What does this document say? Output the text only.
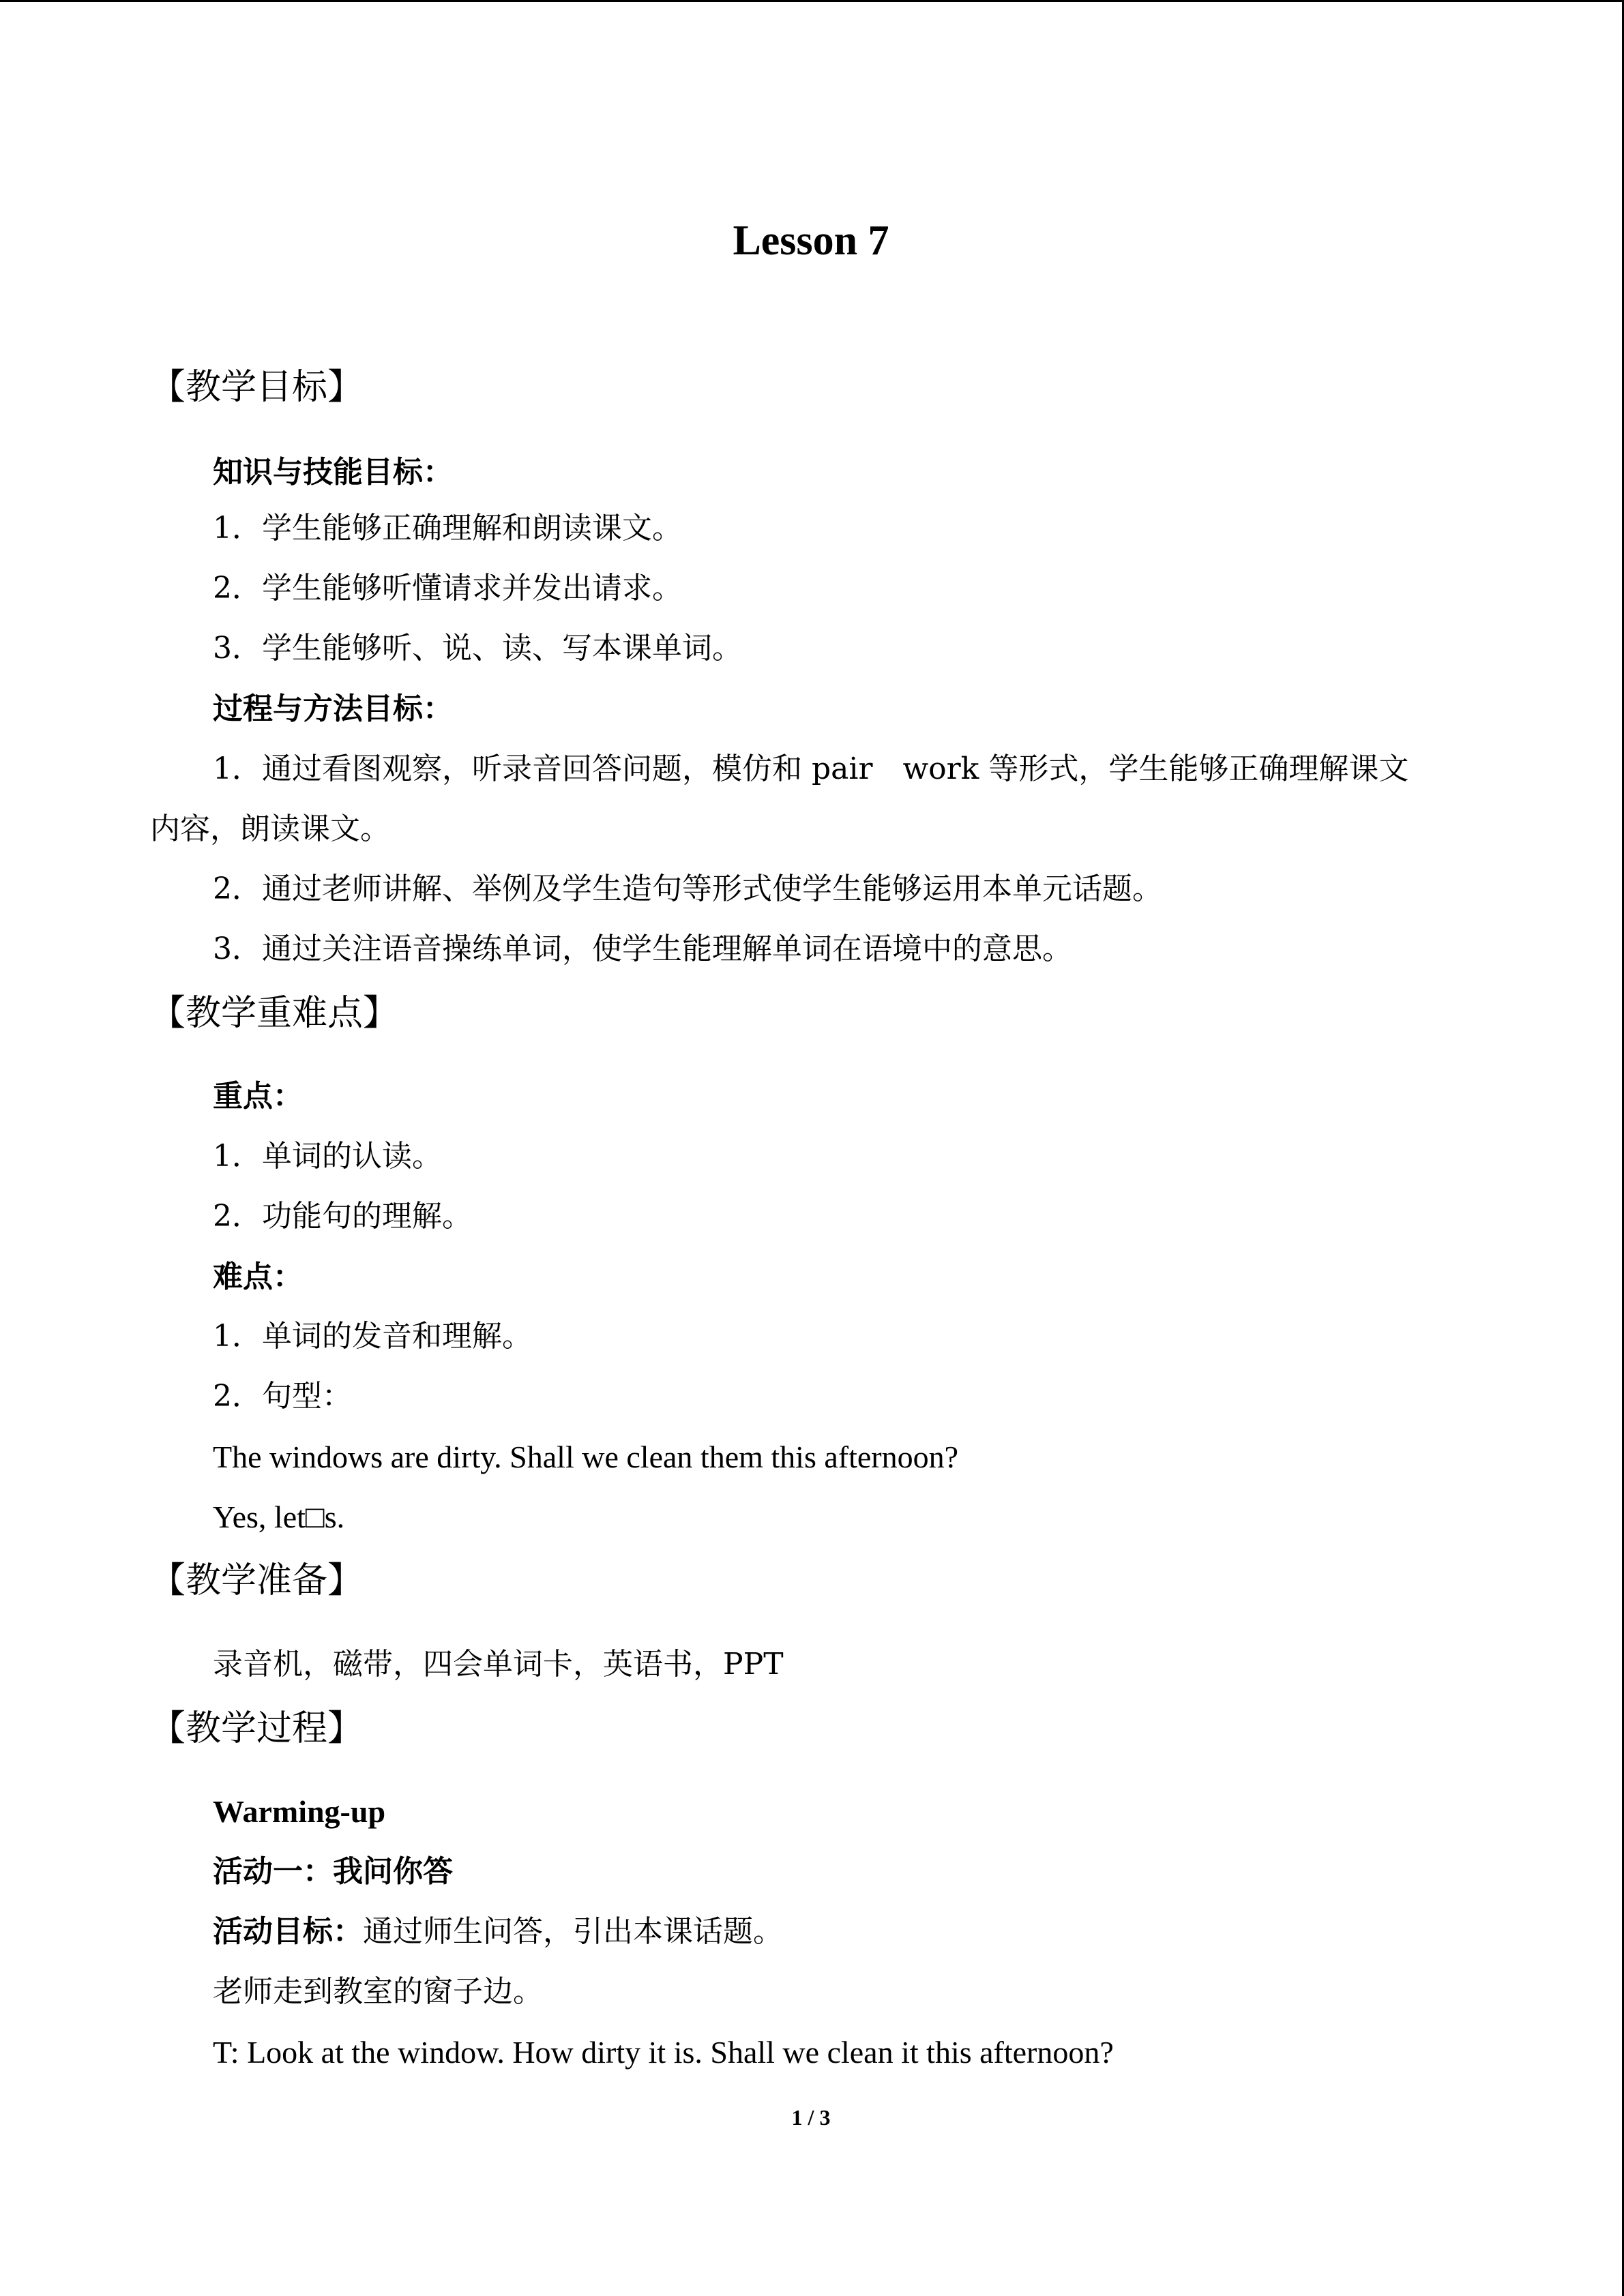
Lesson 7
【教学目标】
知识与技能目标：
1．学生能够正确理解和朗读课文。
2．学生能够听懂请求并发出请求。
3．学生能够听、说、读、写本课单词。
过程与方法目标：
1．通过看图观察，听录音回答问题，模仿和 pair　work 等形式，学生能够正确理解课文
内容，朗读课文。
2．通过老师讲解、举例及学生造句等形式使学生能够运用本单元话题。
3．通过关注语音操练单词，使学生能理解单词在语境中的意思。
【教学重难点】
重点：
1．单词的认读。
2．功能句的理解。
难点：
1．单词的发音和理解。
2．句型：
The windows are dirty. Shall we clean them this afternoon?
Yes, let□s.
【教学准备】
录音机，磁带，四会单词卡，英语书，PPT
【教学过程】
Warming-up
活动一：我问你答
活动目标：通过师生问答，引出本课话题。
老师走到教室的窗子边。
T: Look at the window. How dirty it is. Shall we clean it this afternoon?
1 / 3
